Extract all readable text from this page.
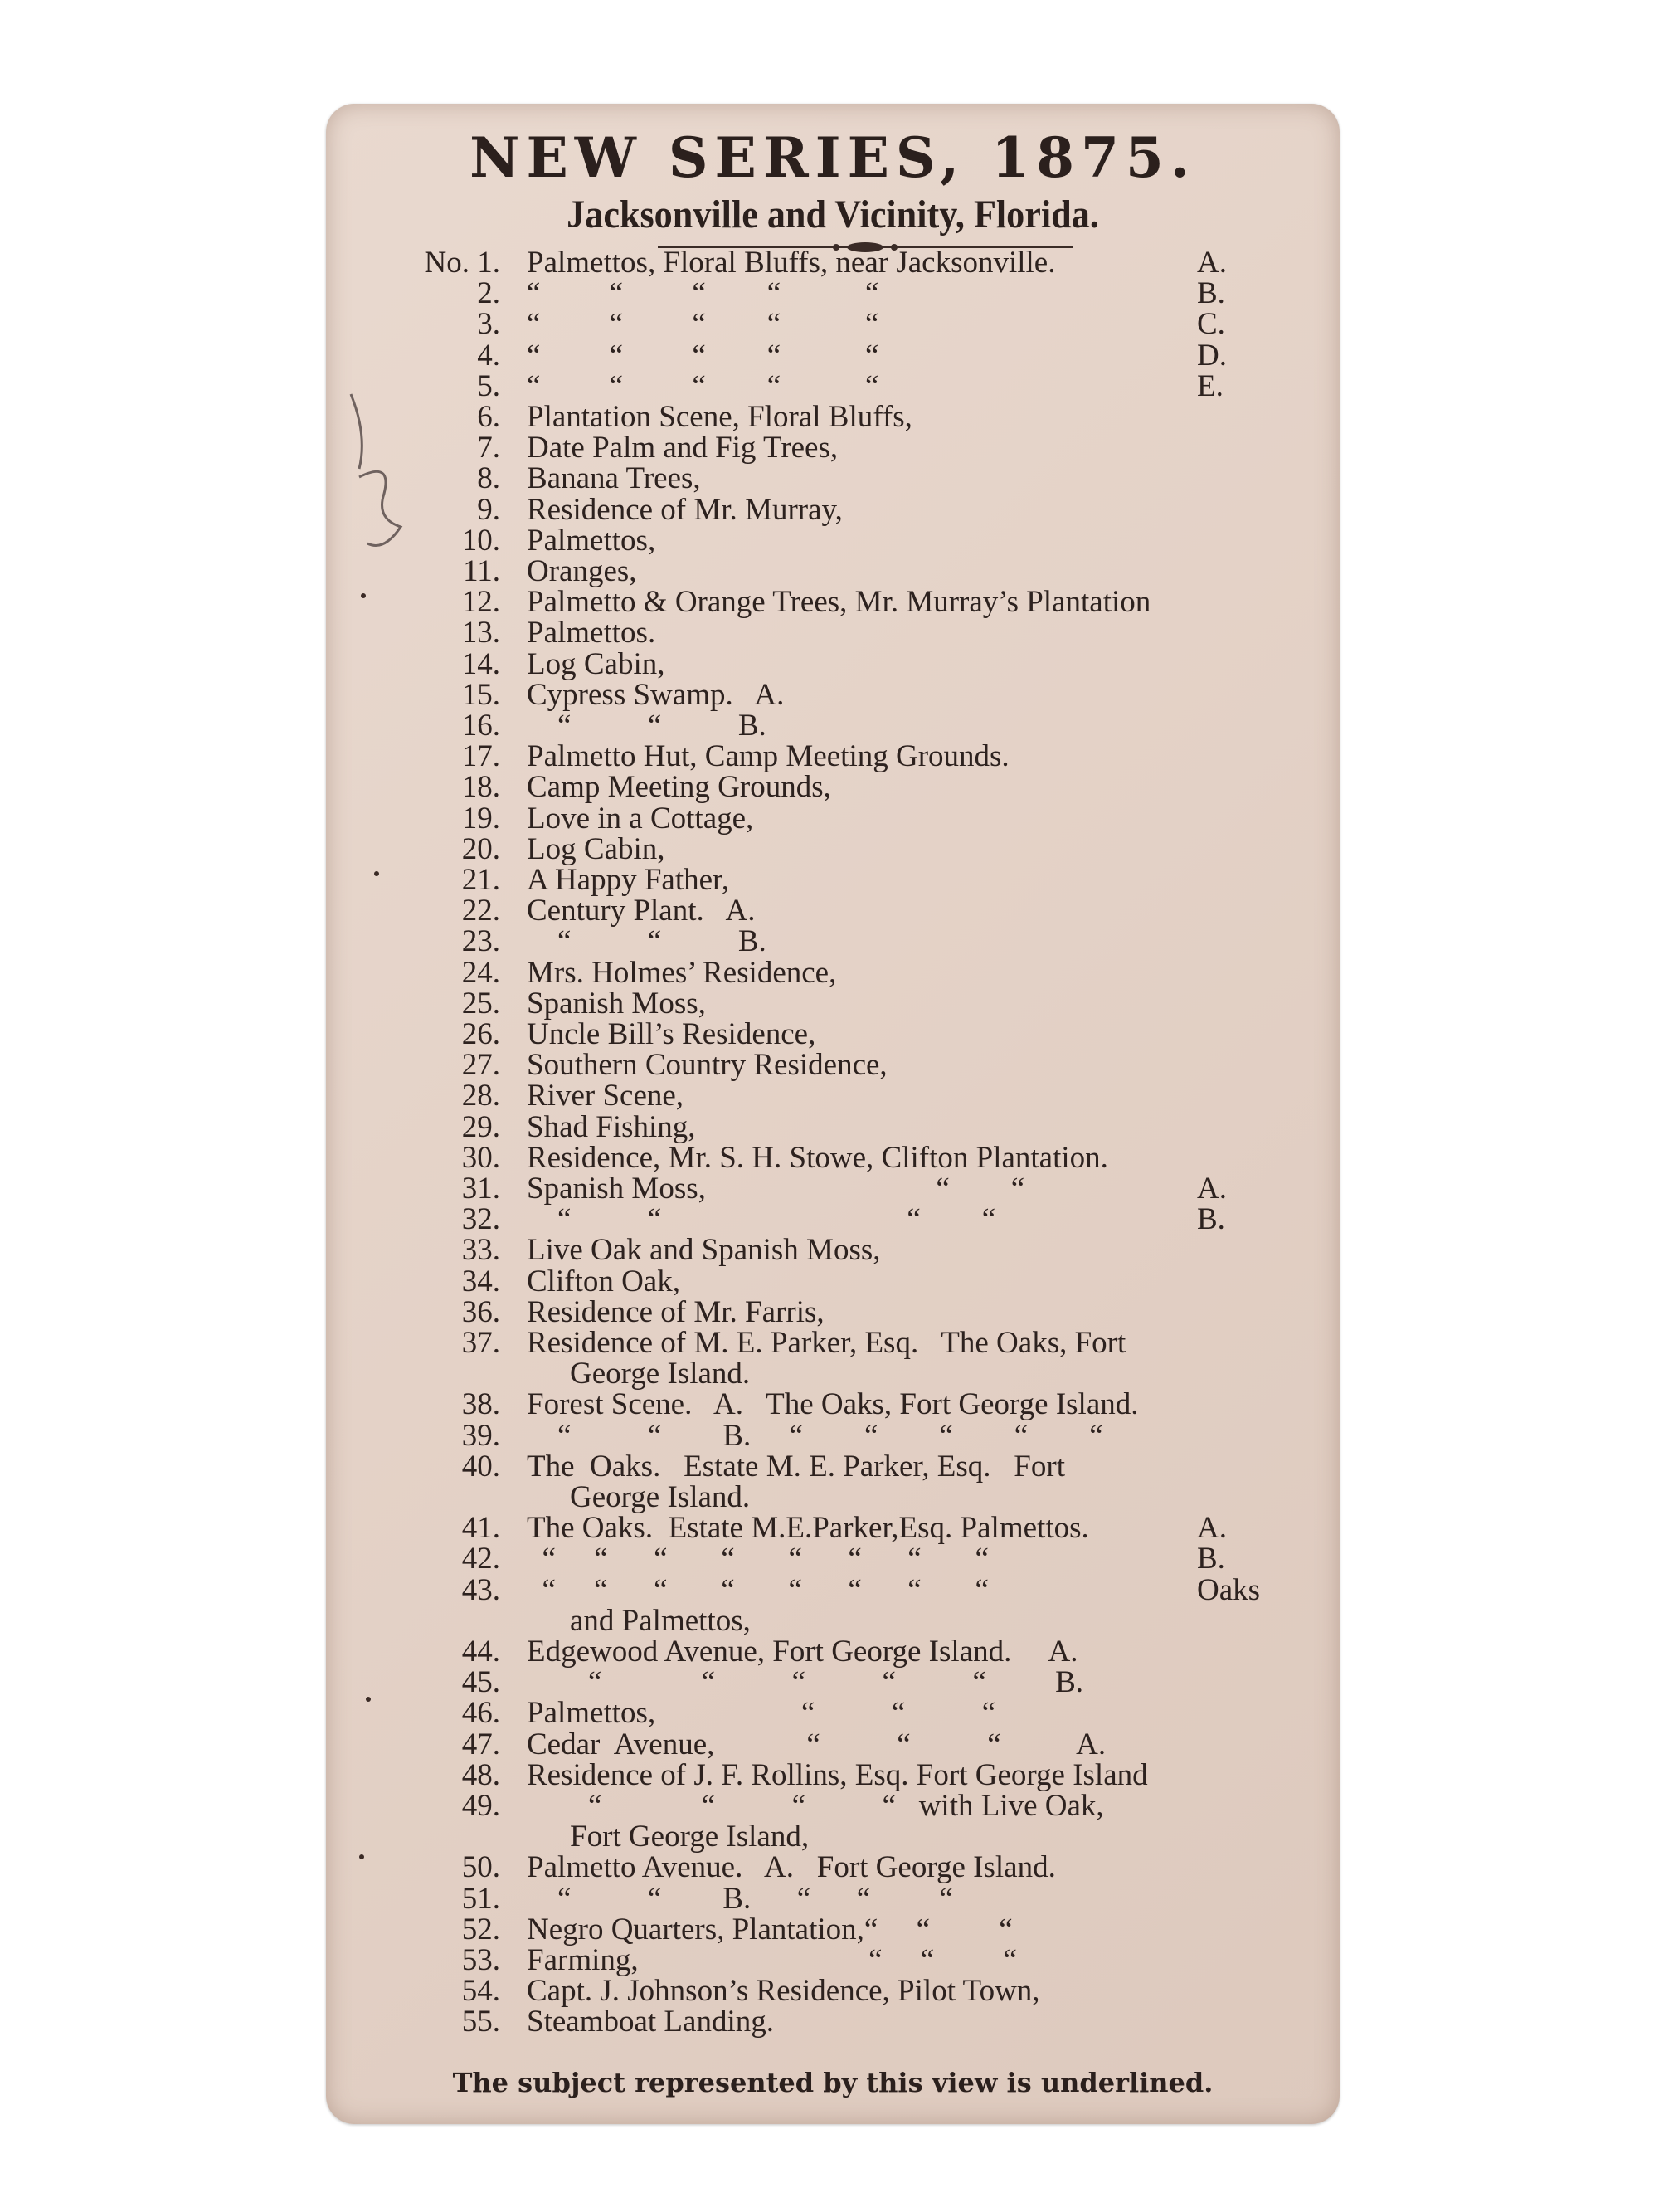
NEW SERIES, 1875.
Jacksonville and Vicinity, Florida.
No. 1. Palmettos, Floral Bluffs, near Jacksonville.	A.
2. “         “         “        “           “	B.
3. “         “         “        “           “	C.
4. “         “         “        “           “	D.
5. “         “         “        “           “	E.
6. Plantation Scene, Floral Bluffs,
7. Date Palm and Fig Trees,
8. Banana Trees,
9. Residence of Mr. Murray,
10. Palmettos,
11. Oranges,
12. Palmetto & Orange Trees, Mr. Murray’s Plantation
13. Palmettos.
14. Log Cabin,
15. Cypress Swamp.   A.
16. “          “          B.
17. Palmetto Hut, Camp Meeting Grounds.
18. Camp Meeting Grounds,
19. Love in a Cottage,
20. Log Cabin,
21. A Happy Father,
22. Century Plant.   A.
23. “          “          B.
24. Mrs. Holmes’ Residence,
25. Spanish Moss,
26. Uncle Bill’s Residence,
27. Southern Country Residence,
28. River Scene,
29. Shad Fishing,
30. Residence, Mr. S. H. Stowe, Clifton Plantation.
31. Spanish Moss,                              “        “	A.
32. “          “                                “        “	B.
33. Live Oak and Spanish Moss,
34. Clifton Oak,
36. Residence of Mr. Farris,
37. Residence of M. E. Parker, Esq.   The Oaks, Fort
George Island.
38. Forest Scene.   A.   The Oaks, Fort George Island.
39. “          “        B.     “        “        “        “        “
40. The  Oaks.   Estate M. E. Parker, Esq.   Fort
George Island.
41. The Oaks.  Estate M.E.Parker,Esq. Palmettos.	A.
42. “     “      “       “       “      “      “       “	B.
43. “     “      “       “       “      “      “       “	Oaks
and Palmettos,
44. Edgewood Avenue, Fort George Island.     A.
45. “             “          “          “          “         B.
46. Palmettos,                   “          “          “
47. Cedar  Avenue,            “          “          “          A.
48. Residence of J. F. Rollins, Esq. Fort George Island
49. “             “          “          “   with Live Oak,
Fort George Island,
50. Palmetto Avenue.   A.   Fort George Island.
51. “          “        B.      “      “         “
52. Negro Quarters, Plantation,“     “         “
53. Farming,                              “     “         “
54. Capt. J. Johnson’s Residence, Pilot Town,
55. Steamboat Landing.
The subject represented by this view is underlined.
